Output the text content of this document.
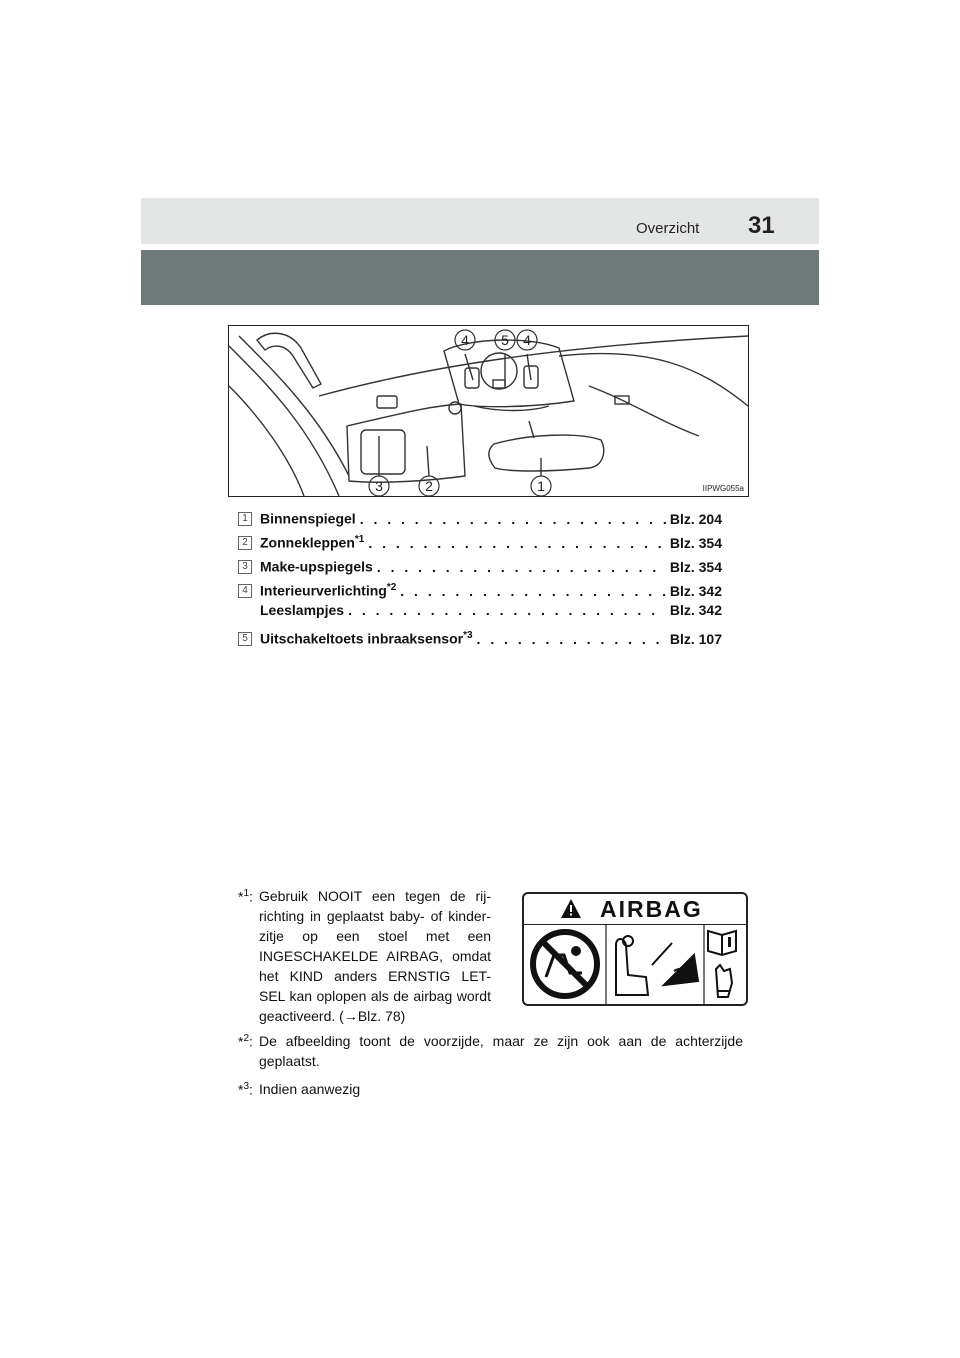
Overzicht 31
4 5 4
3	2	1	IIPWG055a
1 Binnenspiegel . . .	Blz. 204
2 Zonnekleppen$^{*1}$ . . .	Blz. 354
3 Make-upspiegels . . .	Blz. 354
4 Interieurverlichting$^{*2}$ . . .	Blz. 342
Leeslampjes . . .	Blz. 342
5 Uitschakeltoets inbraaksensor$^{*3}$ . . .	Blz. 107
*$^1$: Gebruik NOOIT een tegen de rij- richting in geplaatst baby- of kinder- zitje op een stoel met een INGESCHAKELDE AIRBAG, omdat het KIND anders ERNSTIG LET- SEL kan oplopen als de airbag wordt geactiveerd. (→Blz. 78)
*$^2$: De afbeelding toont de voorzijde, maar ze zijn ook aan de achterzijde geplaatst.
*$^3$: Indien aanwezig
AIRBAG
